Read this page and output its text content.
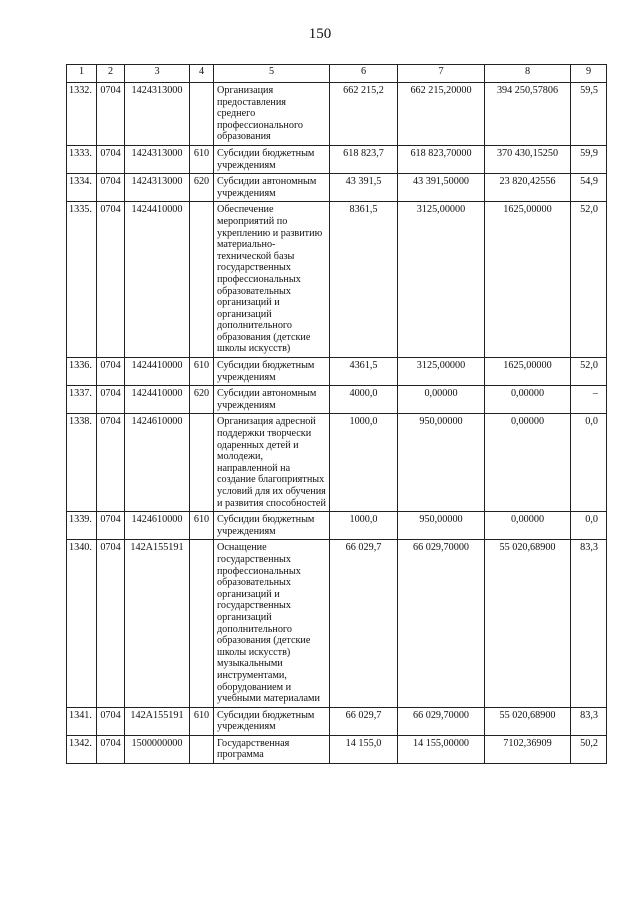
150
1	2	3	4	5	6	7	8	9
1332.	0704	1424313000		Организация предоставления среднего профессионального образования	662 215,2	662 215,20000	394 250,57806	59,5
1333.	0704	1424313000	610	Субсидии бюджетным учреждениям	618 823,7	618 823,70000	370 430,15250	59,9
1334.	0704	1424313000	620	Субсидии автономным учреждениям	43 391,5	43 391,50000	23 820,42556	54,9
1335.	0704	1424410000		Обеспечение мероприятий по укреплению и развитию материально-технической базы государственных профессиональных образовательных организаций и организаций дополнительного образования (детские школы искусств)	8361,5	3125,00000	1625,00000	52,0
1336.	0704	1424410000	610	Субсидии бюджетным учреждениям	4361,5	3125,00000	1625,00000	52,0
1337.	0704	1424410000	620	Субсидии автономным учреждениям	4000,0	0,00000	0,00000	–
1338.	0704	1424610000		Организация адресной поддержки творчески одаренных детей и молодежи, направленной на создание благоприятных условий для их обучения и развития способностей	1000,0	950,00000	0,00000	0,0
1339.	0704	1424610000	610	Субсидии бюджетным учреждениям	1000,0	950,00000	0,00000	0,0
1340.	0704	142A155191		Оснащение государственных профессиональных образовательных организаций и государственных организаций дополнительного образования (детские школы искусств) музыкальными инструментами, оборудованием и учебными материалами	66 029,7	66 029,70000	55 020,68900	83,3
1341.	0704	142A155191	610	Субсидии бюджетным учреждениям	66 029,7	66 029,70000	55 020,68900	83,3
1342.	0704	1500000000		Государственная программа	14 155,0	14 155,00000	7102,36909	50,2
